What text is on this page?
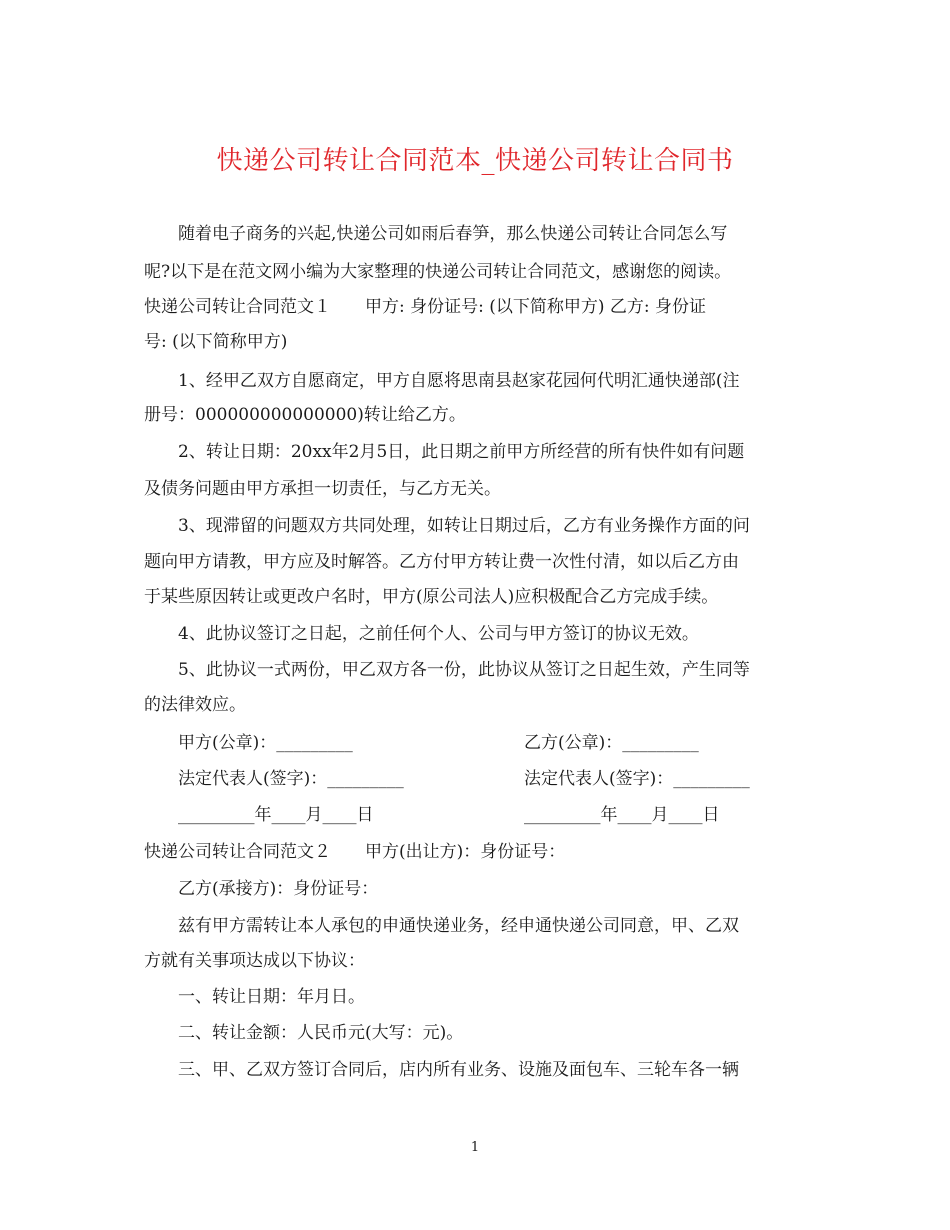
快递公司转让合同范本_快递公司转让合同书
随着电子商务的兴起,快递公司如雨后春笋，那么快递公司转让合同怎么写
呢?以下是在范文网小编为大家整理的快递公司转让合同范文，感谢您的阅读。
快递公司转让合同范文１　　甲方: 身份证号: (以下简称甲方) 乙方: 身份证
号: (以下简称甲方)
1、经甲乙双方自愿商定，甲方自愿将思南县赵家花园何代明汇通快递部(注
册号：000000000000000)转让给乙方。
2、转让日期：20xx年2月5日，此日期之前甲方所经营的所有快件如有问题
及债务问题由甲方承担一切责任，与乙方无关。
3、现滞留的问题双方共同处理，如转让日期过后，乙方有业务操作方面的问
题向甲方请教，甲方应及时解答。乙方付甲方转让费一次性付清，如以后乙方由
于某些原因转让或更改户名时，甲方(原公司法人)应积极配合乙方完成手续。
4、此协议签订之日起，之前任何个人、公司与甲方签订的协议无效。
5、此协议一式两份，甲乙双方各一份，此协议从签订之日起生效，产生同等
的法律效应。
甲方(公章)：_________	乙方(公章)：_________
法定代表人(签字)：_________	法定代表人(签字)：_________
_________年____月____日	_________年____月____日
快递公司转让合同范文２　　甲方(出让方)：身份证号：
乙方(承接方)：身份证号：
兹有甲方需转让本人承包的申通快递业务，经申通快递公司同意，甲、乙双
方就有关事项达成以下协议：
一、转让日期：年月日。
二、转让金额：人民币元(大写：元)。
三、甲、乙双方签订合同后，店内所有业务、设施及面包车、三轮车各一辆
1
